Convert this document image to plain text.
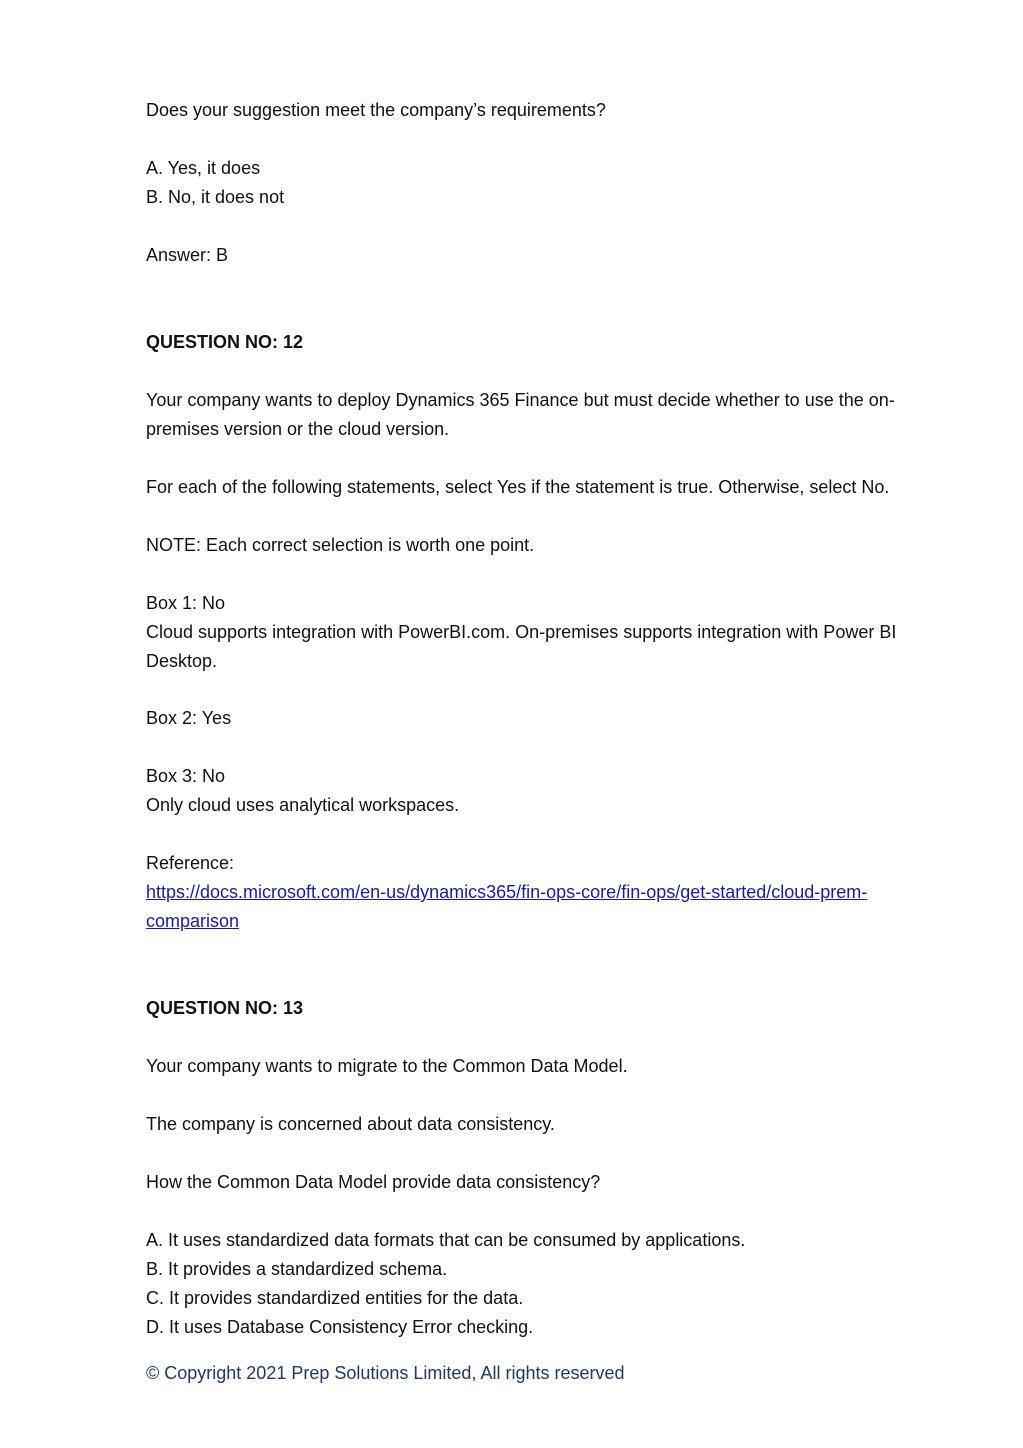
Does your suggestion meet the company’s requirements?
A. Yes, it does
B. No, it does not
Answer: B
QUESTION NO: 12
Your company wants to deploy Dynamics 365 Finance but must decide whether to use the on-
premises version or the cloud version.
For each of the following statements, select Yes if the statement is true. Otherwise, select No.
NOTE: Each correct selection is worth one point.
Box 1: No
Cloud supports integration with PowerBI.com. On-premises supports integration with Power BI
Desktop.
Box 2: Yes
Box 3: No
Only cloud uses analytical workspaces.
Reference:
https://docs.microsoft.com/en-us/dynamics365/fin-ops-core/fin-ops/get-started/cloud-prem-
comparison
QUESTION NO: 13
Your company wants to migrate to the Common Data Model.
The company is concerned about data consistency.
How the Common Data Model provide data consistency?
A. It uses standardized data formats that can be consumed by applications.
B. It provides a standardized schema.
C. It provides standardized entities for the data.
D. It uses Database Consistency Error checking.
© Copyright 2021 Prep Solutions Limited, All rights reserved
